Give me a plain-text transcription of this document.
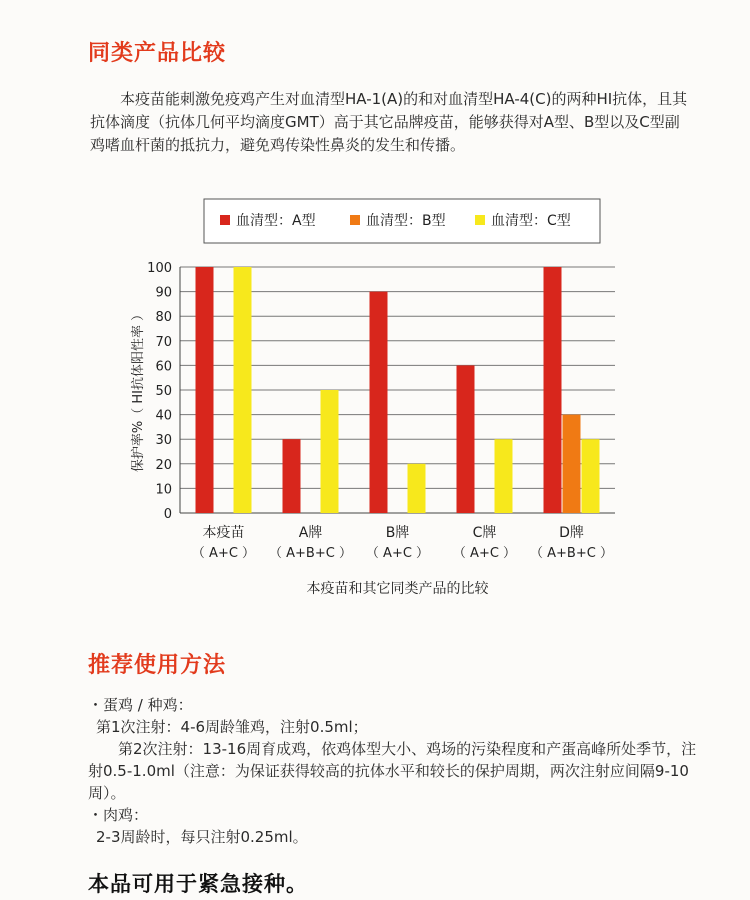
同类产品比较

本疫苗能刺激免疫鸡产生对血清型HA-1(A)的和对血清型HA-4(C)的两种HI抗体，且其抗体滴度（抗体几何平均滴度GMT）高于其它品牌疫苗，能够获得对A型、B型以及C型副鸡嗜血杆菌的抵抗力，避免鸡传染性鼻炎的发生和传播。

血清型：A型	血清型：B型	血清型：C型
0
10
20
30
40
50
60
70
80
90
100
本疫苗
（ A+C ）
A牌
（ A+B+C ）
B牌
（ A+C ）
C牌
（ A+C ）
D牌
（ A+B+C ）
保护率%（ HI抗体阳性率 ）
本疫苗和其它同类产品的比较
推荐使用方法
・蛋鸡 / 种鸡：
第1次注射：4-6周龄雏鸡，注射0.5ml；
第2次注射：13-16周育成鸡，依鸡体型大小、鸡场的污染程度和产蛋高峰所处季节，注射0.5-1.0ml（注意：为保证获得较高的抗体水平和较长的保护周期，两次注射应间隔9-10周）。
・肉鸡：
2-3周龄时，每只注射0.25ml。
本品可用于紧急接种。
